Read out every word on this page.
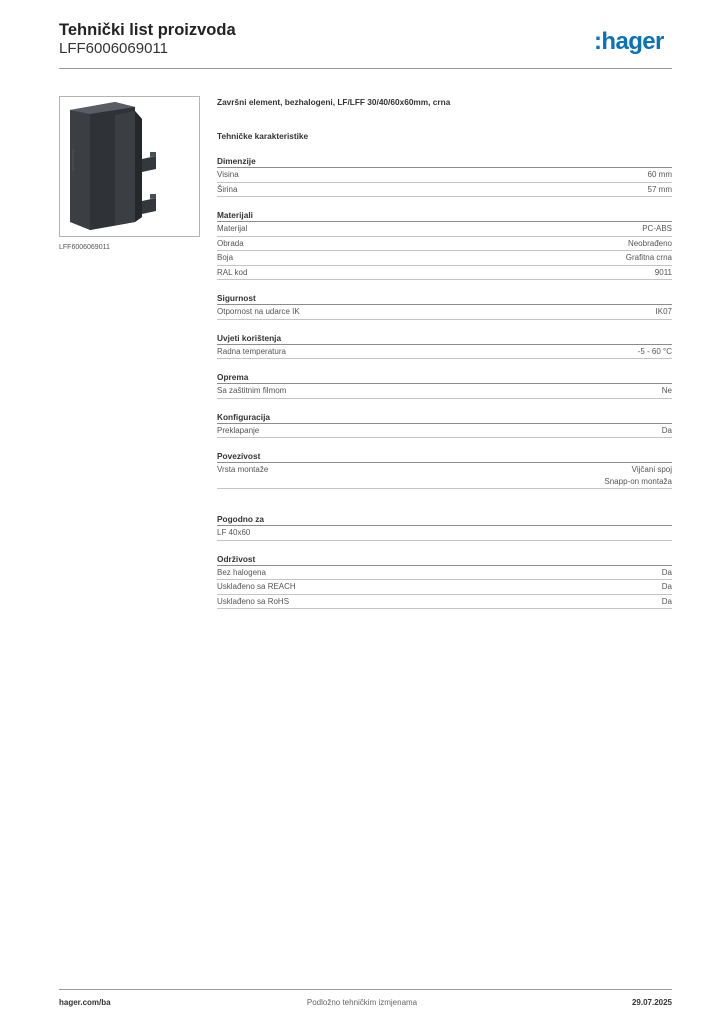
Tehnički list proizvoda
LFF6006069011	:hager
LFF6006069011
Završni element, bezhalogeni, LF/LFF 30/40/60x60mm, crna
Tehničke karakteristike
Dimenzije
Visina	60 mm
Širina	57 mm
Materijali
Materijal	PC-ABS
Obrada	Neobrađeno
Boja	Grafitna crna
RAL kod	9011
Sigurnost
Otpornost na udarce IK	IK07
Uvjeti korištenja
Radna temperatura	-5 - 60 °C
Oprema
Sa zaštitnim filmom	Ne
Konfiguracija
Preklapanje	Da
Povezivost
Vrsta montaže	Vijčani spoj
Snapp-on montaža
Pogodno za
LF 40x60
Održivost
Bez halogena	Da
Usklađeno sa REACH	Da
Usklađeno sa RoHS	Da
hager.com/ba	Podložno tehničkim izmjenama	29.07.2025
